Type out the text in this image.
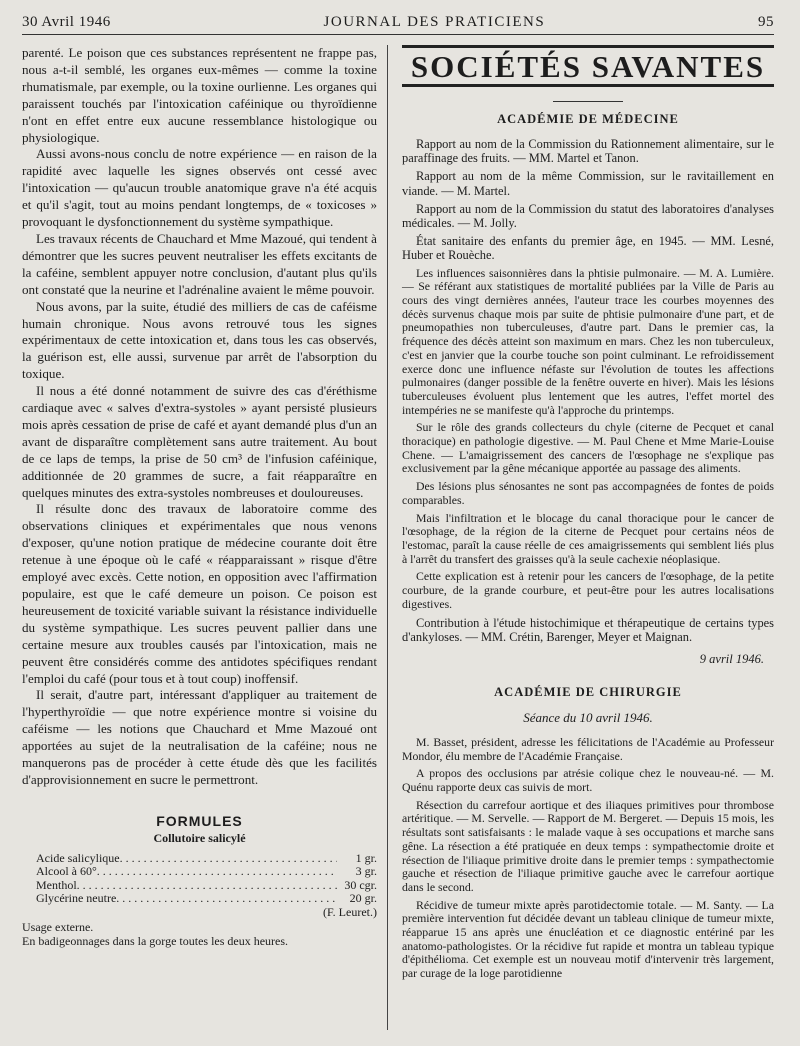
30 Avril 1946	JOURNAL DES PRATICIENS	95

parenté. Le poison que ces substances représentent ne frappe pas, nous a-t-il semblé, les organes eux-mêmes — comme la toxine rhumatismale, par exemple, ou la toxine ourlienne. Les organes qui paraissent touchés par l'intoxication caféinique ou thyroïdienne n'ont en effet entre eux aucune ressemblance histologique ou physiologique.

Aussi avons-nous conclu de notre expérience — en raison de la rapidité avec laquelle les signes observés ont cessé avec l'intoxication — qu'aucun trouble anatomique grave n'a été acquis et qu'il s'agit, tout au moins pendant longtemps, de « toxicoses » provoquant le dysfonctionnement du système sympathique.

Les travaux récents de Chauchard et Mme Mazoué, qui tendent à démontrer que les sucres peuvent neutraliser les effets excitants de la caféine, semblent appuyer notre conclusion, d'autant plus qu'ils ont constaté que la neurine et l'adrénaline avaient le même pouvoir.

Nous avons, par la suite, étudié des milliers de cas de caféisme humain chronique. Nous avons retrouvé tous les signes expérimentaux de cette intoxication et, dans tous les cas observés, la guérison est, elle aussi, survenue par arrêt de l'absorption du toxique.

Il nous a été donné notamment de suivre des cas d'éréthisme cardiaque avec « salves d'extra-systoles » ayant persisté plusieurs mois après cessation de prise de café et ayant demandé plus d'un an avant de disparaître complètement sans autre traitement. Au bout de ce laps de temps, la prise de 50 cm³ de l'infusion caféinique, additionnée de 20 grammes de sucre, a fait réapparaître en quelques minutes des extra-systoles nombreuses et douloureuses.

Il résulte donc des travaux de laboratoire comme des observations cliniques et expérimentales que nous venons d'exposer, qu'une notion pratique de médecine courante doit être retenue à une époque où le café « réapparaissant » risque d'être employé avec excès. Cette notion, en opposition avec l'affirmation populaire, est que le café demeure un poison. Ce poison est heureusement de toxicité variable suivant la résistance individuelle du système sympathique. Les sucres peuvent pallier dans une certaine mesure aux troubles causés par l'intoxication, mais ne peuvent être considérés comme des antidotes spécifiques rendant l'emploi du café (pour tous et à tout coup) inoffensif.

Il serait, d'autre part, intéressant d'appliquer au traitement de l'hyperthyroïdie — que notre expérience montre si voisine du caféisme — les notions que Chauchard et Mme Mazoué ont apportées au sujet de la neutralisation de la caféine; nous ne manquerons pas de procéder à cette étude dès que les facilités d'approvisionnement en sucre le permettront.

FORMULES
Collutoire salicylé
Acide salicylique . . .	1 gr.
Alcool à 60° . . .	3 gr.
Menthol . . .	30 cgr.
Glycérine neutre . . .	20 gr.
(F. Leuret.)
Usage externe.
En badigeonnages dans la gorge toutes les deux heures.
SOCIÉTÉS SAVANTES
ACADÉMIE DE MÉDECINE
Rapport au nom de la Commission du Rationnement alimentaire, sur le paraffinage des fruits. — MM. Martel et Tanon.
Rapport au nom de la même Commission, sur le ravitaillement en viande. — M. Martel.
Rapport au nom de la Commission du statut des laboratoires d'analyses médicales. — M. Jolly.
État sanitaire des enfants du premier âge, en 1945. — MM. Lesné, Huber et Rouèche.
Les influences saisonnières dans la phtisie pulmonaire. — M. A. Lumière. — Se référant aux statistiques de mortalité publiées par la Ville de Paris au cours des vingt dernières années, l'auteur trace les courbes moyennes des décès survenus chaque mois par suite de phtisie pulmonaire d'une part, et de pneumopathies non tuberculeuses, d'autre part. Dans le premier cas, la fréquence des décès atteint son maximum en mars. Chez les non tuberculeux, c'est en janvier que la courbe touche son point culminant. Le refroidissement exerce donc une influence néfaste sur l'évolution de toutes les affections pulmonaires (danger possible de la fenêtre ouverte en hiver). Mais les lésions tuberculeuses évoluent plus lentement que les autres, l'effet mortel des intempéries ne se manifeste qu'à l'approche du printemps.
Sur le rôle des grands collecteurs du chyle (citerne de Pecquet et canal thoracique) en pathologie digestive. — M. Paul Chene et Mme Marie-Louise Chene. — L'amaigrissement des cancers de l'œsophage ne s'explique pas exclusivement par la gêne mécanique apportée au passage des aliments.
Des lésions plus sénosantes ne sont pas accompagnées de fontes de poids comparables.
Mais l'infiltration et le blocage du canal thoracique pour le cancer de l'œsophage, de la région de la citerne de Pecquet pour certains néos de l'estomac, paraît la cause réelle de ces amaigrissements qui semblent liés plus à l'arrêt du transfert des graisses qu'à la seule cachexie néoplasique.
Cette explication est à retenir pour les cancers de l'œsophage, de la petite courbure, de la grande courbure, et peut-être pour les autres localisations digestives.
Contribution à l'étude histochimique et thérapeutique de certains types d'ankyloses. — MM. Crétin, Barenger, Meyer et Maignan.
9 avril 1946.
ACADÉMIE DE CHIRURGIE
Séance du 10 avril 1946.
M. Basset, président, adresse les félicitations de l'Académie au Professeur Mondor, élu membre de l'Académie Française.
A propos des occlusions par atrésie colique chez le nouveau-né. — M. Quénu rapporte deux cas suivis de mort.
Résection du carrefour aortique et des iliaques primitives pour thrombose artéritique. — M. Servelle. — Rapport de M. Bergeret. — Depuis 15 mois, les résultats sont satisfaisants : le malade vaque à ses occupations et marche sans gêne. La résection a été pratiquée en deux temps : sympathectomie droite et résection de l'iliaque primitive droite dans le premier temps : sympathectomie gauche et résection de l'iliaque primitive gauche avec le carrefour aortique dans le second.
Récidive de tumeur mixte après parotidectomie totale. — M. Santy. — La première intervention fut décidée devant un tableau clinique de tumeur mixte, réapparue 15 ans après une énucléation et ce diagnostic entériné par les anatomo-pathologistes. Or la récidive fut rapide et montra un tableau typique d'épithélioma. Cet exemple est un nouveau motif d'intervenir très largement, par curage de la loge parotidienne
